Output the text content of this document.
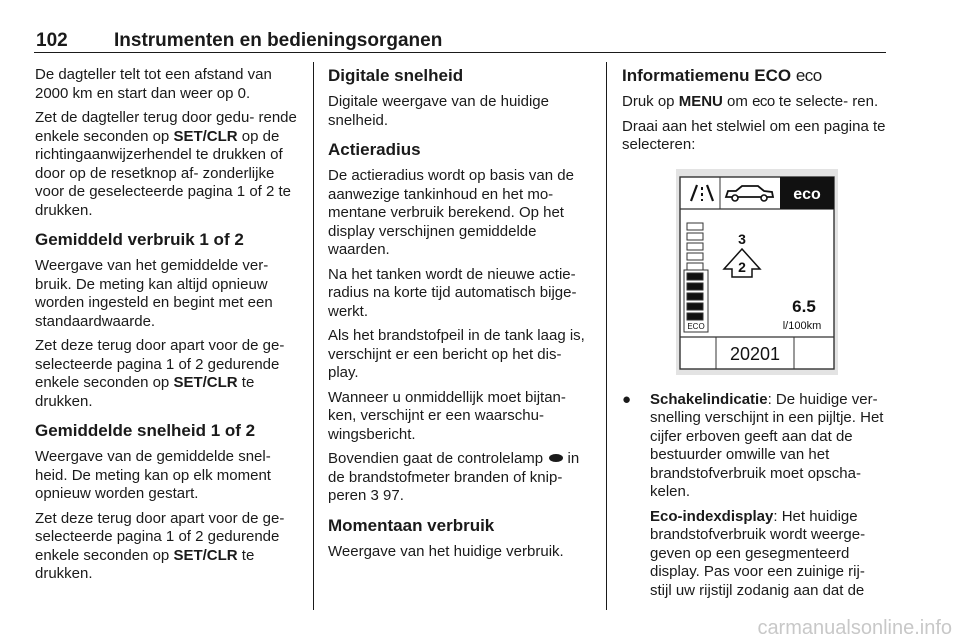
102 Instrumenten en bedieningsorganen

De dagteller telt tot een afstand van 2000 km en start dan weer op 0.

Zet de dagteller terug door gedu- rende enkele seconden op SET/CLR op de richtingaanwijzerhendel te drukken of door op de resetknop af- zonderlijke voor de geselecteerde pagina 1 of 2 te drukken.

Gemiddeld verbruik 1 of 2

Weergave van het gemiddelde ver- bruik. De meting kan altijd opnieuw worden ingesteld en begint met een standaardwaarde.

Zet deze terug door apart voor de ge- selecteerde pagina 1 of 2 gedurende enkele seconden op SET/CLR te drukken.

Gemiddelde snelheid 1 of 2

Weergave van de gemiddelde snel- heid. De meting kan op elk moment opnieuw worden gestart.

Zet deze terug door apart voor de ge- selecteerde pagina 1 of 2 gedurende enkele seconden op SET/CLR te drukken.

Digitale snelheid

Digitale weergave van de huidige snelheid.

Actieradius

De actieradius wordt op basis van de aanwezige tankinhoud en het mo- mentane verbruik berekend. Op het display verschijnen gemiddelde waarden.

Na het tanken wordt de nieuwe actie- radius na korte tijd automatisch bijge- werkt.

Als het brandstofpeil in de tank laag is, verschijnt er een bericht op het dis- play.

Wanneer u onmiddellijk moet bijtan- ken, verschijnt er een waarschu- wingsbericht.

Bovendien gaat de controlelamp  in de brandstofmeter branden of knip- peren 3 97.

Momentaan verbruik

Weergave van het huidige verbruik.

Informatiemenu ECO eco

Druk op MENU om eco te selecte- ren.

Draai aan het stelwiel om een pagina te selecteren:

eco
ECO
3
2
6.5
l/100km
20201

● Schakelindicatie: De huidige ver- snelling verschijnt in een pijltje. Het cijfer erboven geeft aan dat de bestuurder omwille van het brandstofverbruik moet opscha- kelen.

Eco-indexdisplay: Het huidige brandstofverbruik wordt weerge- geven op een gesegmenteerd display. Pas voor een zuinige rij- stijl uw rijstijl zodanig aan dat de

carmanualsonline.info
